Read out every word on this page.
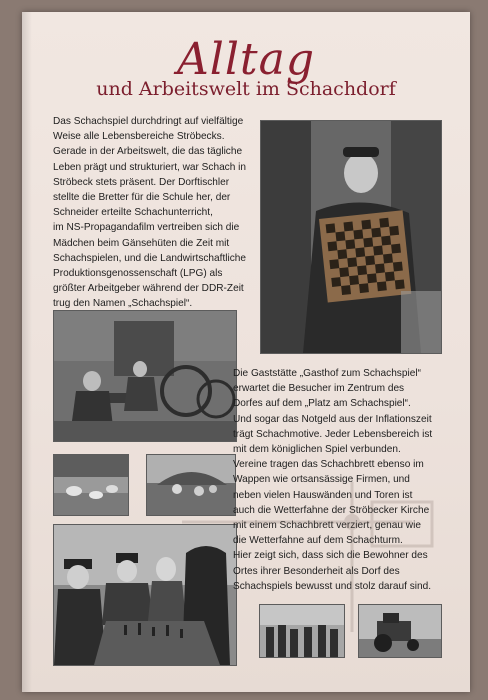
Alltag
und Arbeitswelt im Schachdorf
Das Schachspiel durchdringt auf vielfältige
Weise alle Lebensbereiche Ströbecks.
Gerade in der Arbeitswelt, die das tägliche
Leben prägt und strukturiert, war Schach in
Ströbeck stets präsent. Der Dorftischler
stellte die Bretter für die Schule her, der
Schneider erteilte Schachunterricht,
im NS-Propagandafilm vertreiben sich die
Mädchen beim Gänsehüten die Zeit mit
Schachspielen, und die Landwirtschaftliche
Produktionsgenossenschaft (LPG) als
größter Arbeitgeber während der DDR-Zeit
trug den Namen „Schachspiel“.
Die Gaststätte „Gasthof zum Schachspiel“
erwartet die Besucher im Zentrum des
Dorfes auf dem „Platz am Schachspiel“.
Und sogar das Notgeld aus der Inflationszeit
trägt Schachmotive. Jeder Lebensbereich ist
mit dem königlichen Spiel verbunden.
Vereine tragen das Schachbrett ebenso im
Wappen wie ortsansässige Firmen, und
neben vielen Hauswänden und Toren ist
auch die Wetterfahne der Ströbecker Kirche
mit einem Schachbrett verziert, genau wie
die Wetterfahne auf dem Schachturm.
Hier zeigt sich, dass sich die Bewohner des
Ortes ihrer Besonderheit als Dorf des
Schachspiels bewusst und stolz darauf sind.
